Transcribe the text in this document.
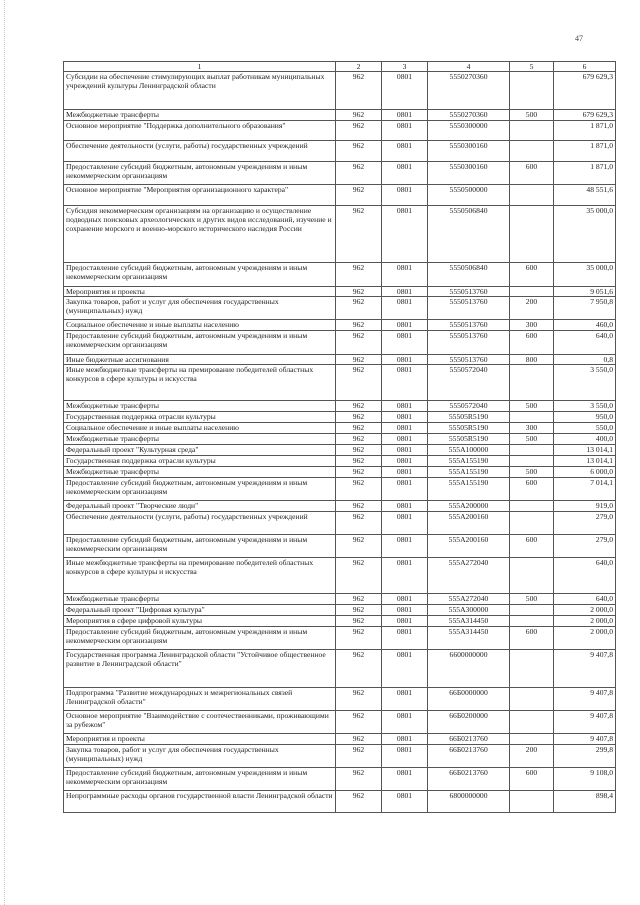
47
1	2	3	4	5	6
Субсидии на обеспечение стимулирующих выплат работникам муниципальных учреждений культуры Ленинградской области	962	0801	5550270360		679 629,3
Межбюджетные трансферты	962	0801	5550270360	500	679 629,3
Основное мероприятие "Поддержка дополнительного образования"	962	0801	5550300000		1 871,0
Обеспечение деятельности (услуги, работы) государственных учреждений	962	0801	5550300160		1 871,0
Предоставление субсидий бюджетным, автономным учреждениям и иным некоммерческим организациям	962	0801	5550300160	600	1 871,0
Основное мероприятие "Мероприятия организационного характера"	962	0801	5550500000		48 551,6
Субсидия некоммерческим организациям на организацию и осуществление подводных поисковых археологических и других видов исследований, изучение и сохранение морского и военно-морского исторического наследия России	962	0801	5550506840		35 000,0
Предоставление субсидий бюджетным, автономным учреждениям и иным некоммерческим организациям	962	0801	5550506840	600	35 000,0
Мероприятия и проекты	962	0801	5550513760		9 051,6
Закупка товаров, работ и услуг для обеспечения государственных (муниципальных) нужд	962	0801	5550513760	200	7 950,8
Социальное обеспечение и иные выплаты населению	962	0801	5550513760	300	460,0
Предоставление субсидий бюджетным, автономным учреждениям и иным некоммерческим организациям	962	0801	5550513760	600	640,0
Иные бюджетные ассигнования	962	0801	5550513760	800	0,8
Иные межбюджетные трансферты на премирование победителей областных конкурсов в сфере культуры и искусства	962	0801	5550572040		3 550,0
Межбюджетные трансферты	962	0801	5550572040	500	3 550,0
Государственная поддержка отрасли культуры	962	0801	55505R5190		950,0
Социальное обеспечение и иные выплаты населению	962	0801	55505R5190	300	550,0
Межбюджетные трансферты	962	0801	55505R5190	500	400,0
Федеральный проект "Культурная среда"	962	0801	555A100000		13 014,1
Государственная поддержка отрасли культуры	962	0801	555A155190		13 014,1
Межбюджетные трансферты	962	0801	555A155190	500	6 000,0
Предоставление субсидий бюджетным, автономным учреждениям и иным некоммерческим организациям	962	0801	555A155190	600	7 014,1
Федеральный проект "Творческие люди"	962	0801	555A200000		919,0
Обеспечение деятельности (услуги, работы) государственных учреждений	962	0801	555A200160		279,0
Предоставление субсидий бюджетным, автономным учреждениям и иным некоммерческим организациям	962	0801	555A200160	600	279,0
Иные межбюджетные трансферты на премирование победителей областных конкурсов в сфере культуры и искусства	962	0801	555A272040		640,0
Межбюджетные трансферты	962	0801	555A272040	500	640,0
Федеральный проект "Цифровая культура"	962	0801	555A300000		2 000,0
Мероприятия в сфере цифровой культуры	962	0801	555A314450		2 000,0
Предоставление субсидий бюджетным, автономным учреждениям и иным некоммерческим организациям	962	0801	555A314450	600	2 000,0
Государственная программа Ленинградской области "Устойчивое общественное развитие в Ленинградской области"	962	0801	6600000000		9 407,8
Подпрограмма "Развитие международных и межрегиональных связей Ленинградской области"	962	0801	66Б0000000		9 407,8
Основное мероприятие "Взаимодействие с соотечественниками, проживающими за рубежом"	962	0801	66Б0200000		9 407,8
Мероприятия и проекты	962	0801	66Б0213760		9 407,8
Закупка товаров, работ и услуг для обеспечения государственных (муниципальных) нужд	962	0801	66Б0213760	200	299,8
Предоставление субсидий бюджетным, автономным учреждениям и иным некоммерческим организациям	962	0801	66Б0213760	600	9 108,0
Непрограммные расходы органов государственной власти Ленинградской области	962	0801	6800000000		898,4
